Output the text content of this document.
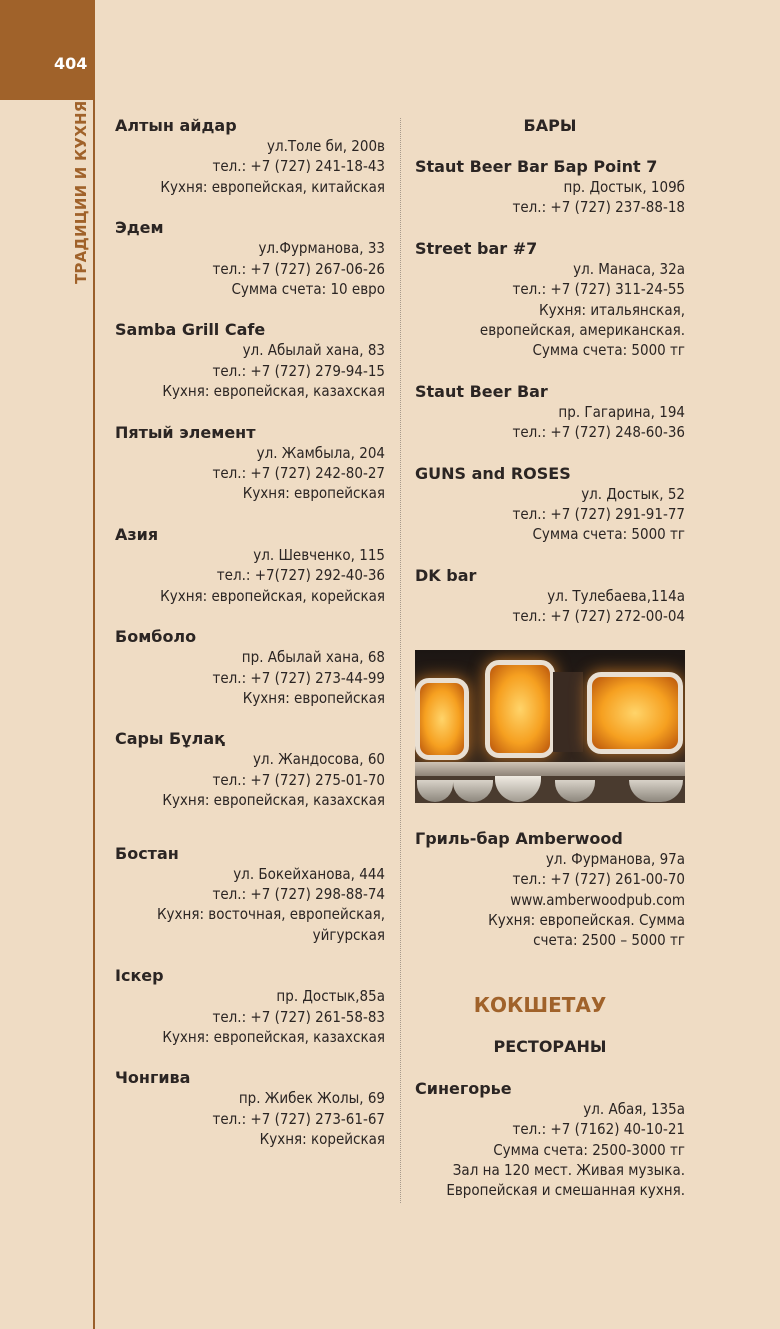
404
ТРАДИЦИИ И КУХНЯ Алтын айдар
ул.Толе би, 200в
тел.: +7 (727) 241-18-43
Кухня: европейская, китайская
Эдем
ул.Фурманова, 33
тел.: +7 (727) 267-06-26
Сумма счета: 10 евро
Samba Grill Cafe
ул. Абылай хана, 83
тел.: +7 (727) 279-94-15
Кухня: европейская, казахская
Пятый элемент
ул. Жамбыла, 204
тел.: +7 (727) 242-80-27
Кухня: европейская
Азия
ул. Шевченко, 115
тел.: +7(727) 292-40-36
Кухня: европейская, корейская
Бомболо
пр. Абылай хана, 68
тел.: +7 (727) 273-44-99
Кухня: европейская
Сары Бұлақ
ул. Жандосова, 60
тел.: +7 (727) 275-01-70
Кухня: европейская, казахская
Бостан
ул. Бокейханова, 444
тел.: +7 (727) 298-88-74
Кухня: восточная, европейская,
уйгурская
Іскер
пр. Достык,85а
тел.: +7 (727) 261-58-83
Кухня: европейская, казахская
Чонгива
пр. Жибек Жолы, 69
тел.: +7 (727) 273-61-67
Кухня: корейская
БАРЫ
Staut Beer Bar Бар Point 7
пр. Достык, 109б
тел.: +7 (727) 237-88-18
Street bar #7
ул. Манаса, 32а
тел.: +7 (727) 311-24-55
Кухня: итальянская,
европейская, американская.
Сумма счета: 5000 тг
Staut Beer Bar
пр. Гагарина, 194
тел.: +7 (727) 248-60-36
GUNS and ROSES
ул. Достык, 52
тел.: +7 (727) 291-91-77
Сумма счета: 5000 тг
DK bar
ул. Тулебаева,114а
тел.: +7 (727) 272-00-04
Гриль-бар Amberwood
ул. Фурманова, 97а
тел.: +7 (727) 261-00-70
www.amberwoodpub.com
Кухня: европейская. Сумма
счета: 2500 – 5000 тг
КОКШЕТАУ
РЕСТОРАНЫ
Синегорье
ул. Абая, 135а
тел.: +7 (7162) 40-10-21
Сумма счета: 2500-3000 тг
Зал на 120 мест. Живая музыка.
Европейская и смешанная кухня.
